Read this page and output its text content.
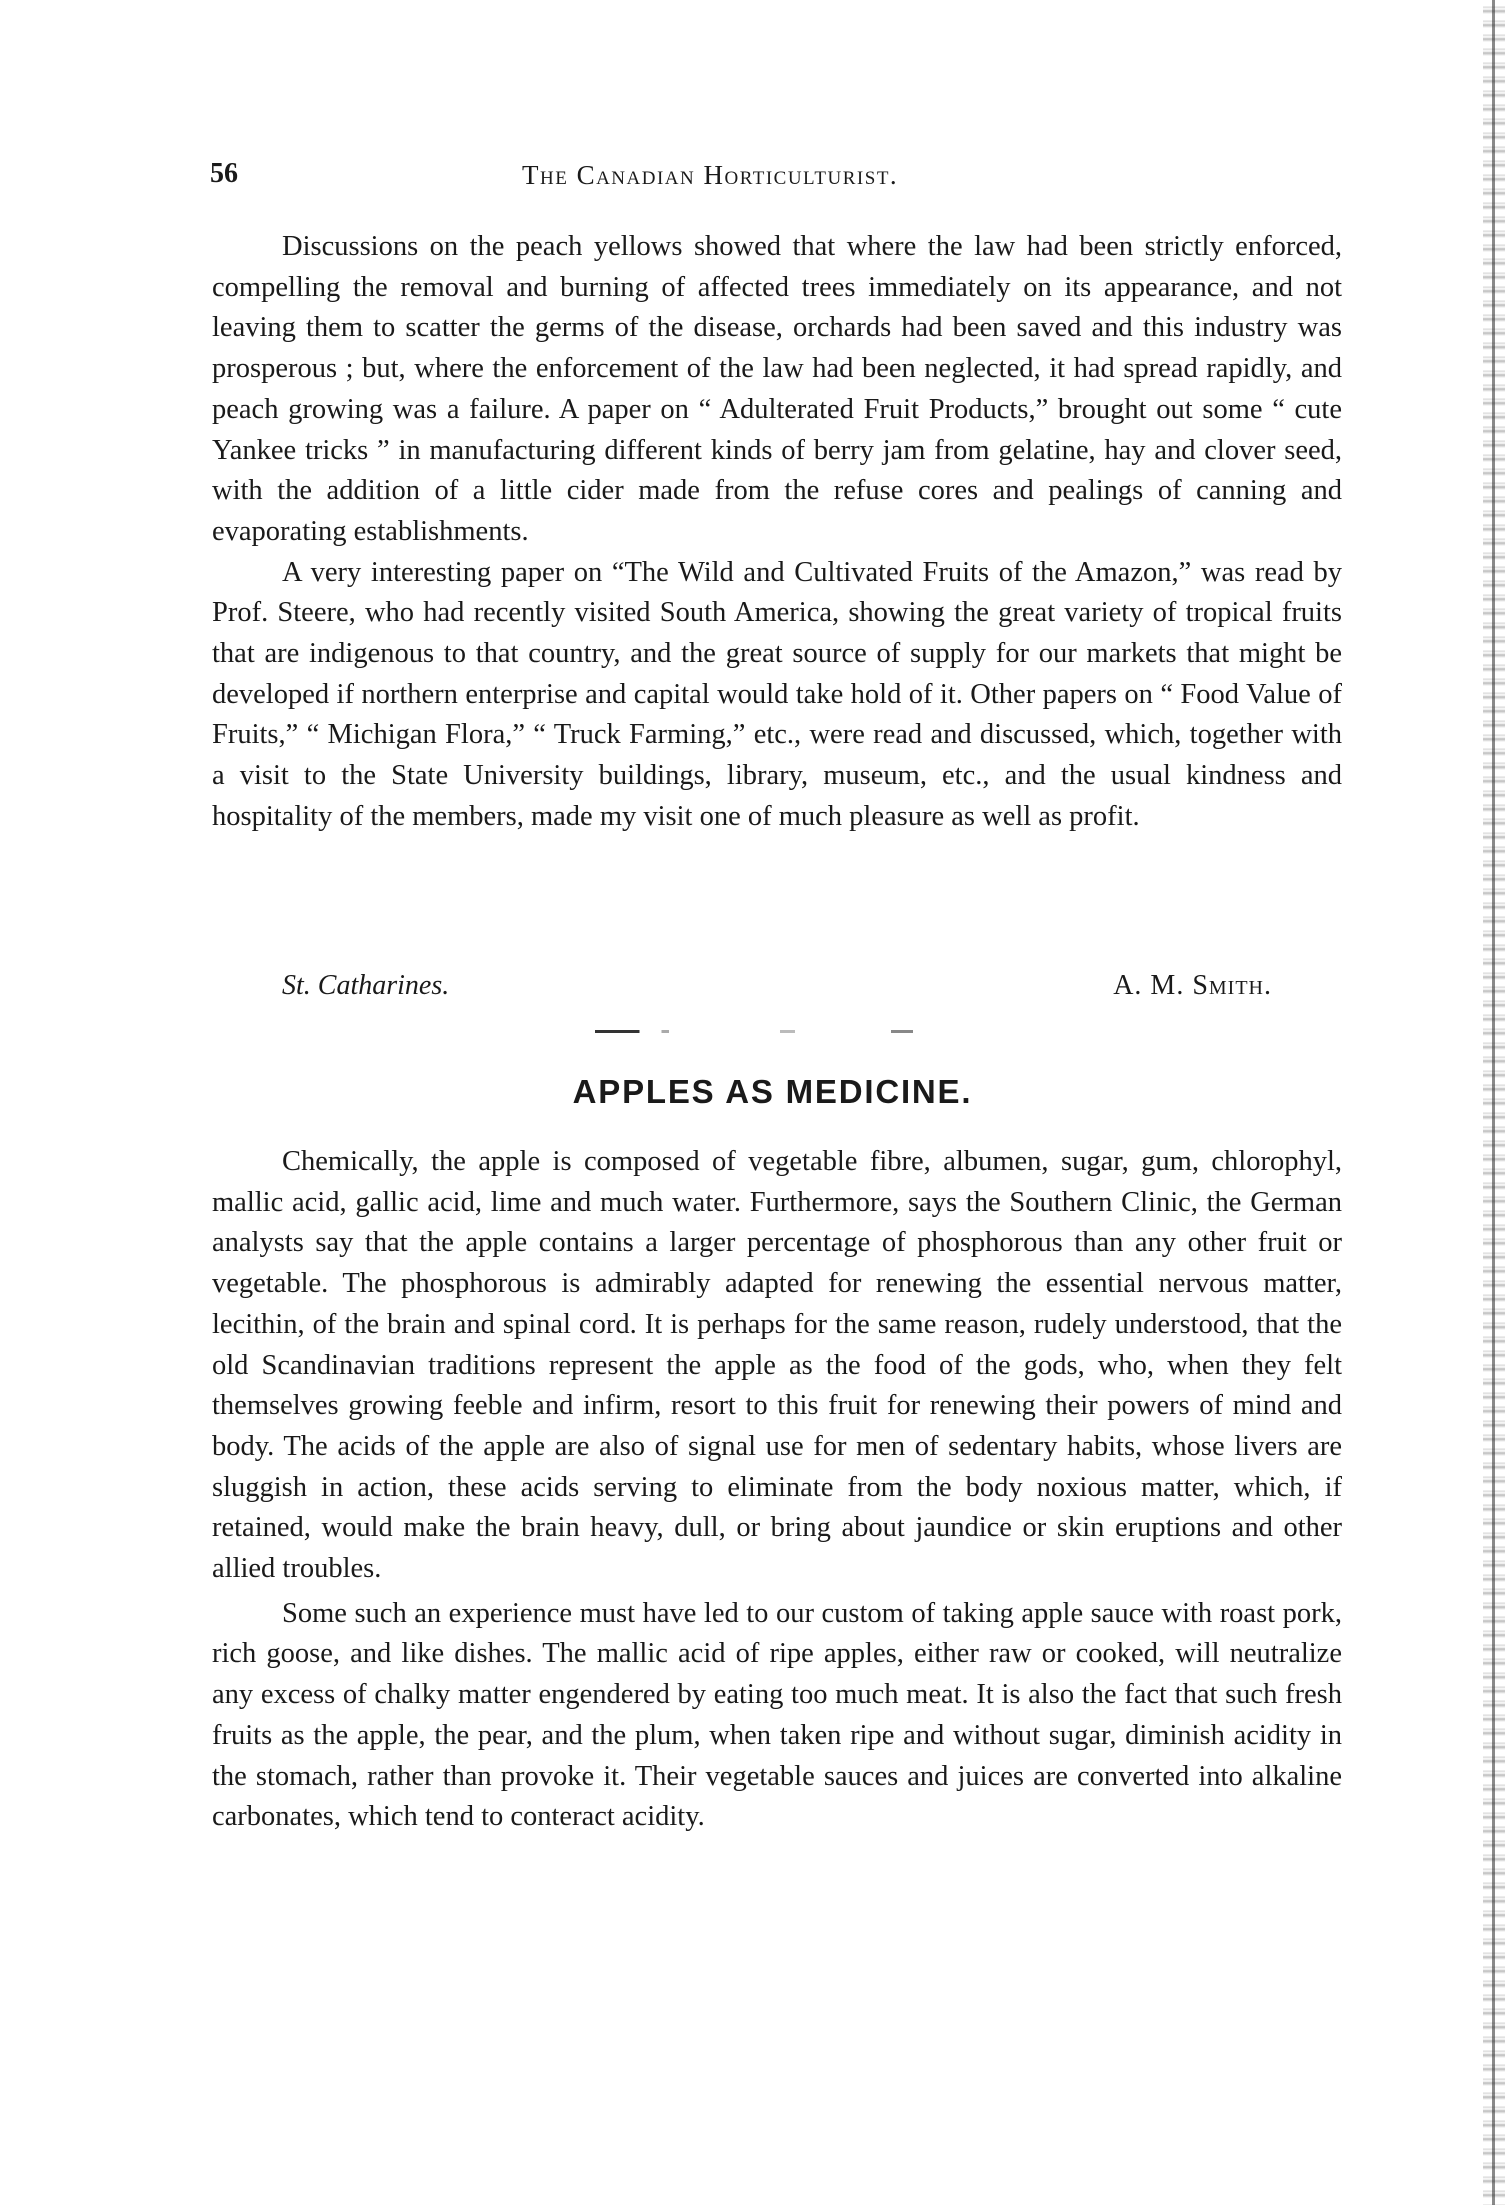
56	The Canadian Horticulturist.

Discussions on the peach yellows showed that where the law had been strictly enforced, compelling the removal and burning of affected trees immediately on its appearance, and not leaving them to scatter the germs of the disease, orchards had been saved and this industry was prosperous ; but, where the enforcement of the law had been neglected, it had spread rapidly, and peach growing was a failure. A paper on “ Adulterated Fruit Products,” brought out some “ cute Yankee tricks ” in manufacturing different kinds of berry jam from gelatine, hay and clover seed, with the addition of a little cider made from the refuse cores and pealings of canning and evaporating establishments.

A very interesting paper on “The Wild and Cultivated Fruits of the Amazon,” was read by Prof. Steere, who had recently visited South America, showing the great variety of tropical fruits that are indigenous to that country, and the great source of supply for our markets that might be developed if northern enterprise and capital would take hold of it. Other papers on “ Food Value of Fruits,” “ Michigan Flora,” “ Truck Farming,” etc., were read and discussed, which, together with a visit to the State University buildings, library, museum, etc., and the usual kindness and hospitality of the members, made my visit one of much pleasure as well as profit.

St. Catharines.	A. M. Smith.
APPLES AS MEDICINE.

Chemically, the apple is composed of vegetable fibre, albumen, sugar, gum, chlorophyl, mallic acid, gallic acid, lime and much water. Furthermore, says the Southern Clinic, the German analysts say that the apple contains a larger percentage of phosphorous than any other fruit or vegetable. The phosphorous is admirably adapted for renewing the essential nervous matter, lecithin, of the brain and spinal cord. It is perhaps for the same reason, rudely understood, that the old Scandinavian traditions represent the apple as the food of the gods, who, when they felt themselves growing feeble and infirm, resort to this fruit for renewing their powers of mind and body. The acids of the apple are also of signal use for men of sedentary habits, whose livers are sluggish in action, these acids serving to eliminate from the body noxious matter, which, if retained, would make the brain heavy, dull, or bring about jaundice or skin eruptions and other allied troubles.

Some such an experience must have led to our custom of taking apple sauce with roast pork, rich goose, and like dishes. The mallic acid of ripe apples, either raw or cooked, will neutralize any excess of chalky matter engendered by eating too much meat. It is also the fact that such fresh fruits as the apple, the pear, and the plum, when taken ripe and without sugar, diminish acidity in the stomach, rather than provoke it. Their vegetable sauces and juices are converted into alkaline carbonates, which tend to conteract acidity.
